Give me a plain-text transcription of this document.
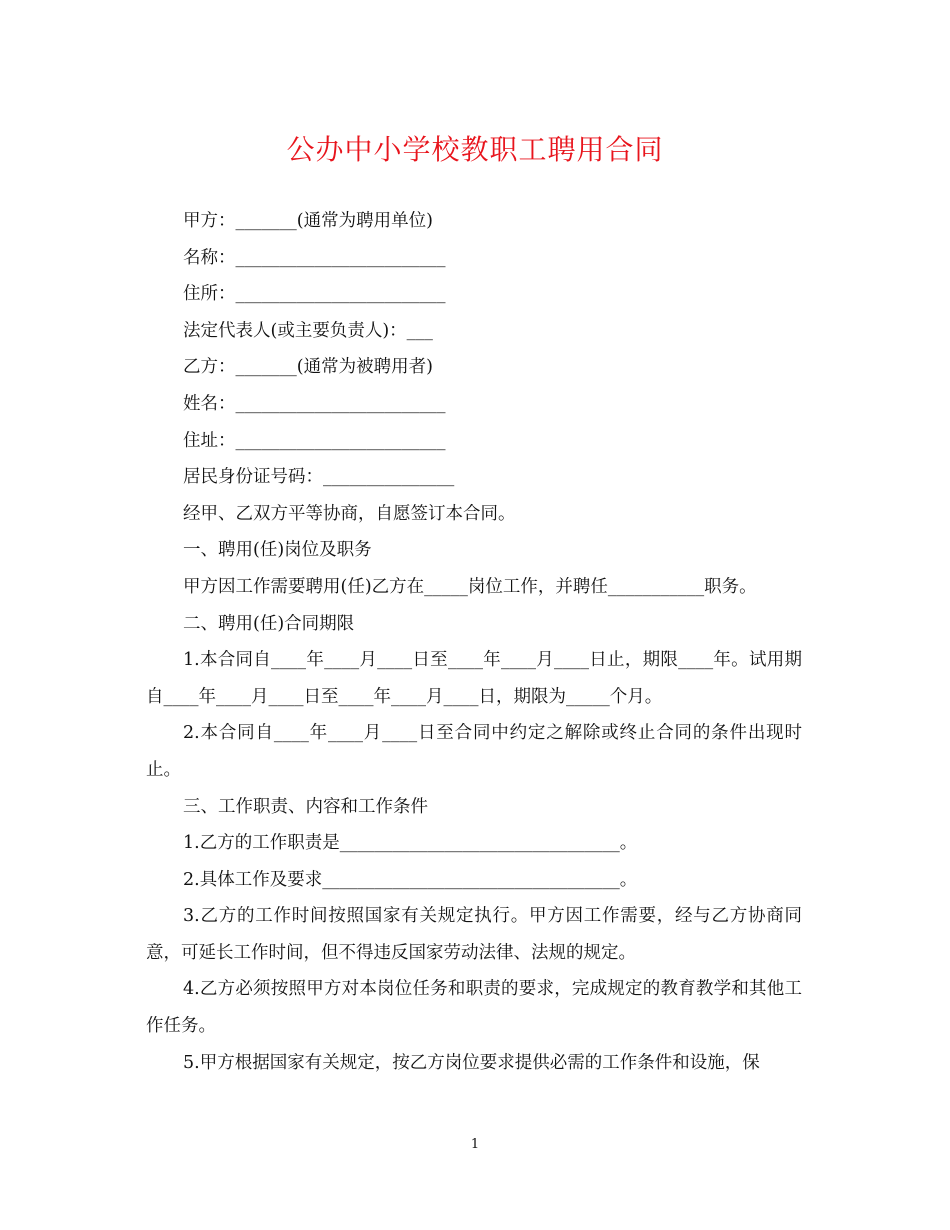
公办中小学校教职工聘用合同

甲方：_______(通常为聘用单位)

名称：________________________

住所：________________________

法定代表人(或主要负责人)：___

乙方：_______(通常为被聘用者)

姓名：________________________

住址：________________________

居民身份证号码：_______________

经甲、乙双方平等协商，自愿签订本合同。

一、聘用(任)岗位及职务

甲方因工作需要聘用(任)乙方在_____岗位工作，并聘任___________职务。

二、聘用(任)合同期限

1.本合同自____年____月____日至____年____月____日止，期限____年。试用期自____年____月____日至____年____月____日，期限为_____个月。

2.本合同自____年____月____日至合同中约定之解除或终止合同的条件出现时止。

三、工作职责、内容和工作条件

1.乙方的工作职责是________________________________。

2.具体工作及要求__________________________________。

3.乙方的工作时间按照国家有关规定执行。甲方因工作需要，经与乙方协商同意，可延长工作时间，但不得违反国家劳动法律、法规的规定。

4.乙方必须按照甲方对本岗位任务和职责的要求，完成规定的教育教学和其他工作任务。

5.甲方根据国家有关规定，按乙方岗位要求提供必需的工作条件和设施，保

1
